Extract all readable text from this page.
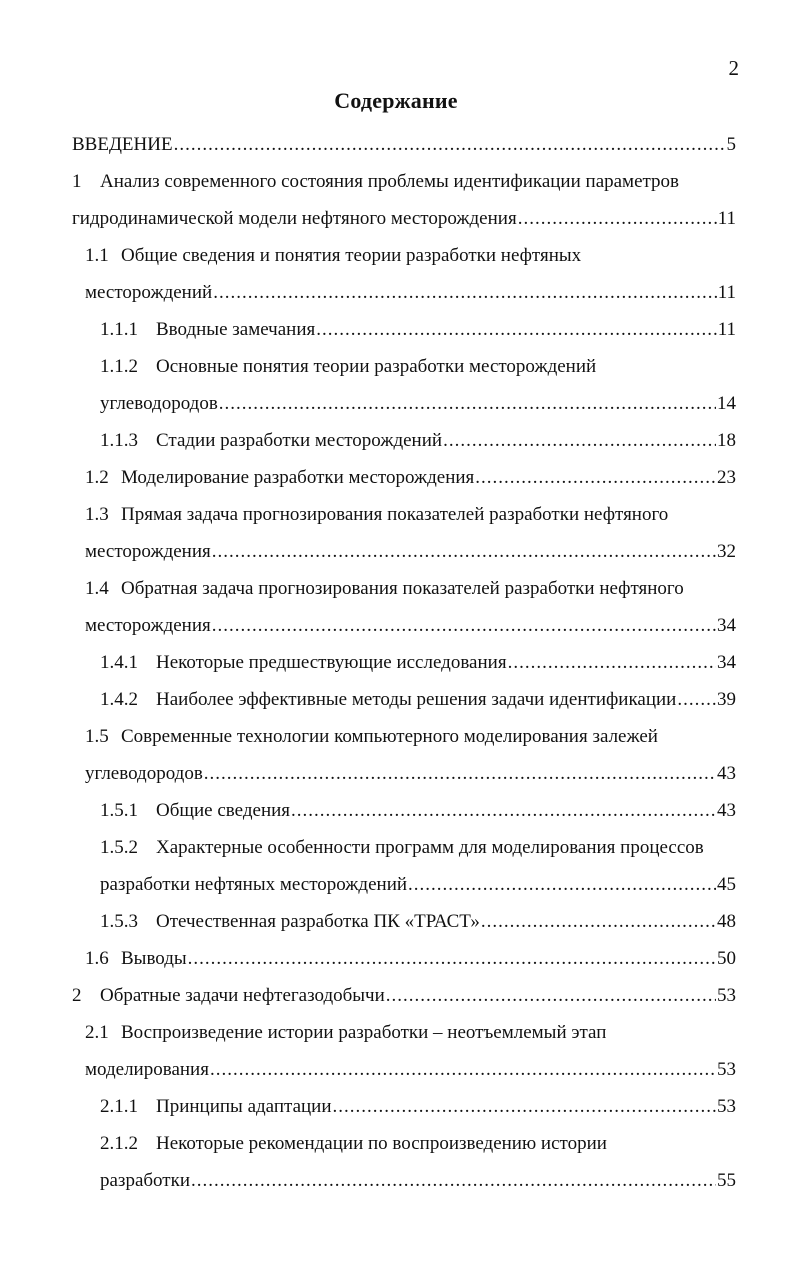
2
Содержание
ВВЕДЕНИЕ .....	5
1 Анализ современного состояния проблемы идентификации параметров
гидродинамической модели нефтяного месторождения .....	11
1.1 Общие сведения и понятия теории разработки нефтяных
месторождений .....	11
1.1.1 Вводные замечания .....	11
1.1.2 Основные понятия теории разработки месторождений
углеводородов .....	14
1.1.3 Стадии разработки месторождений .....	18
1.2 Моделирование разработки месторождения .....	23
1.3 Прямая задача прогнозирования показателей разработки нефтяного
месторождения .....	32
1.4 Обратная задача прогнозирования показателей разработки нефтяного
месторождения .....	34
1.4.1 Некоторые предшествующие исследования .....	34
1.4.2 Наиболее эффективные методы решения задачи идентификации ..... 39
1.5 Современные технологии компьютерного моделирования залежей
углеводородов .....	43
1.5.1 Общие сведения .....	43
1.5.2 Характерные особенности программ для моделирования процессов
разработки нефтяных месторождений .....	45
1.5.3 Отечественная разработка ПК «ТРАСТ» .....	48
1.6 Выводы .....	50
2 Обратные задачи нефтегазодобычи .....	53
2.1 Воспроизведение истории разработки – неотъемлемый этап
моделирования .....	53
2.1.1 Принципы адаптации .....	53
2.1.2 Некоторые рекомендации по воспроизведению истории
разработки .....	55
